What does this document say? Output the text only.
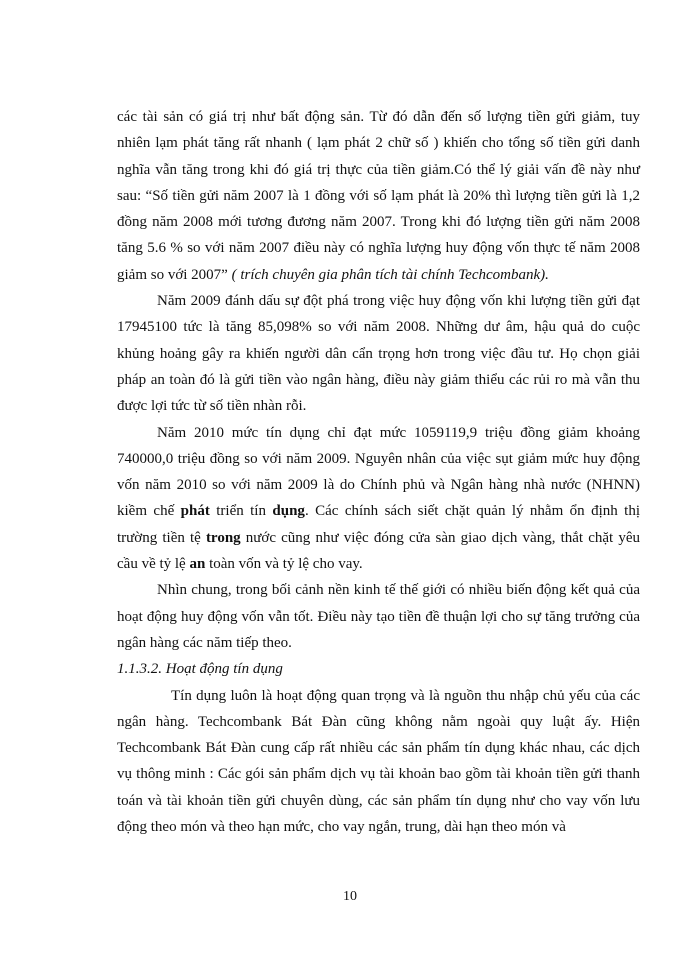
các tài sản có giá trị như bất động sản. Từ đó dẫn đến số lượng tiền gửi giảm, tuy nhiên lạm phát tăng rất nhanh ( lạm phát 2 chữ số ) khiến cho tổng số tiền gửi danh nghĩa vẫn tăng trong khi đó giá trị thực của tiền giảm.Có thể lý giải vấn đề này như sau: “Số tiền gửi năm 2007 là 1 đồng với số lạm phát là 20% thì lượng tiền gửi là 1,2 đồng năm 2008 mới tương đương năm 2007. Trong khi đó lượng tiền gửi năm 2008 tăng 5.6 % so với năm 2007 điều này có nghĩa lượng huy động vốn thực tế năm 2008 giảm so với 2007” ( trích chuyên gia phân tích tài chính Techcombank).

Năm 2009 đánh dấu sự đột phá trong việc huy động vốn khi lượng tiền gửi đạt 17945100 tức là tăng 85,098% so với năm 2008. Những dư âm, hậu quả do cuộc khủng hoảng gây ra khiến người dân cẩn trọng hơn trong việc đầu tư. Họ chọn giải pháp an toàn đó là gửi tiền vào ngân hàng, điều này giảm thiểu các rủi ro mà vẫn thu được lợi tức từ số tiền nhàn rỗi.

Năm 2010 mức tín dụng chỉ đạt mức 1059119,9 triệu đồng giảm khoảng 740000,0 triệu đồng so với năm 2009. Nguyên nhân của việc sụt giảm mức huy động vốn năm 2010 so với năm 2009 là do Chính phủ và Ngân hàng nhà nước (NHNN) kiềm chế phát triển tín dụng. Các chính sách siết chặt quản lý nhằm ổn định thị trường tiền tệ trong nước cũng như việc đóng cửa sàn giao dịch vàng, thắt chặt yêu cầu về tỷ lệ an toàn vốn và tỷ lệ cho vay.

Nhìn chung, trong bối cảnh nền kinh tế thế giới có nhiều biến động kết quả của hoạt động huy động vốn vẫn tốt. Điều này tạo tiền đề thuận lợi cho sự tăng trưởng của ngân hàng các năm tiếp theo.

1.1.3.2. Hoạt động tín dụng

Tín dụng luôn là hoạt động quan trọng và là nguồn thu nhập chủ yếu của các ngân hàng. Techcombank Bát Đàn cũng không nằm ngoài quy luật ấy. Hiện Techcombank Bát Đàn cung cấp rất nhiều các sản phẩm tín dụng khác nhau, các dịch vụ thông minh : Các gói sản phẩm dịch vụ tài khoản bao gồm tài khoản tiền gửi thanh toán và tài khoản tiền gửi chuyên dùng, các sản phẩm tín dụng như cho vay vốn lưu động theo món và theo hạn mức, cho vay ngắn, trung, dài hạn theo món và

10
